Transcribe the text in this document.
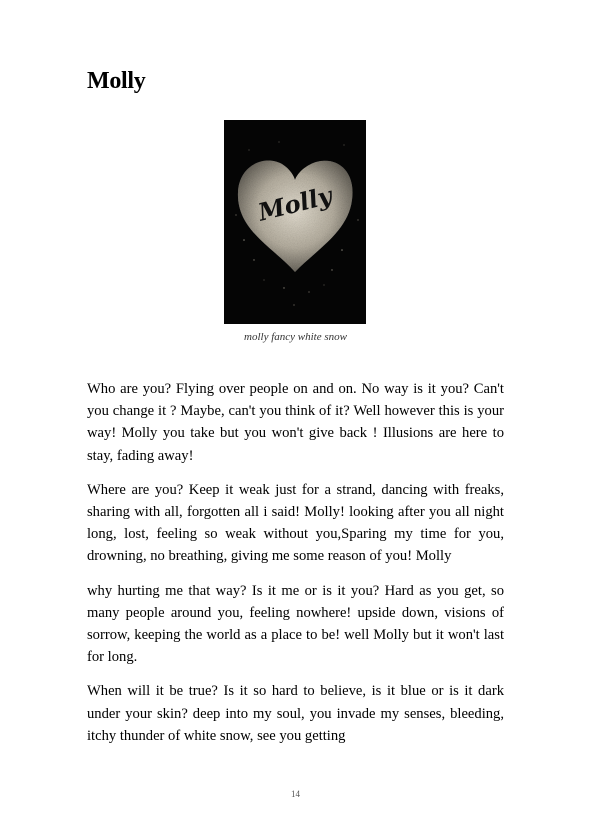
Molly
Molly
molly fancy white snow

Who are you? Flying over people on and on. No way is it you? Can't you change it ? Maybe, can't you think of it? Well however this is your way! Molly you take but you won't give back ! Illusions are here to stay, fading away!

Where are you? Keep it weak just for a strand, dancing with freaks, sharing with all, forgotten all i said! Molly! looking after you all night long, lost, feeling so weak without you,Sparing my time for you, drowning, no breathing, giving me some reason of you! Molly

why hurting me that way? Is it me or is it you? Hard as you get, so many people around you, feeling nowhere! upside down, visions of sorrow, keeping the world as a place to be! well Molly but it won't last for long.

When will it be true? Is it so hard to believe, is it blue or is it dark under your skin? deep into my soul, you invade my senses, bleeding, itchy thunder of white snow, see you getting

14
